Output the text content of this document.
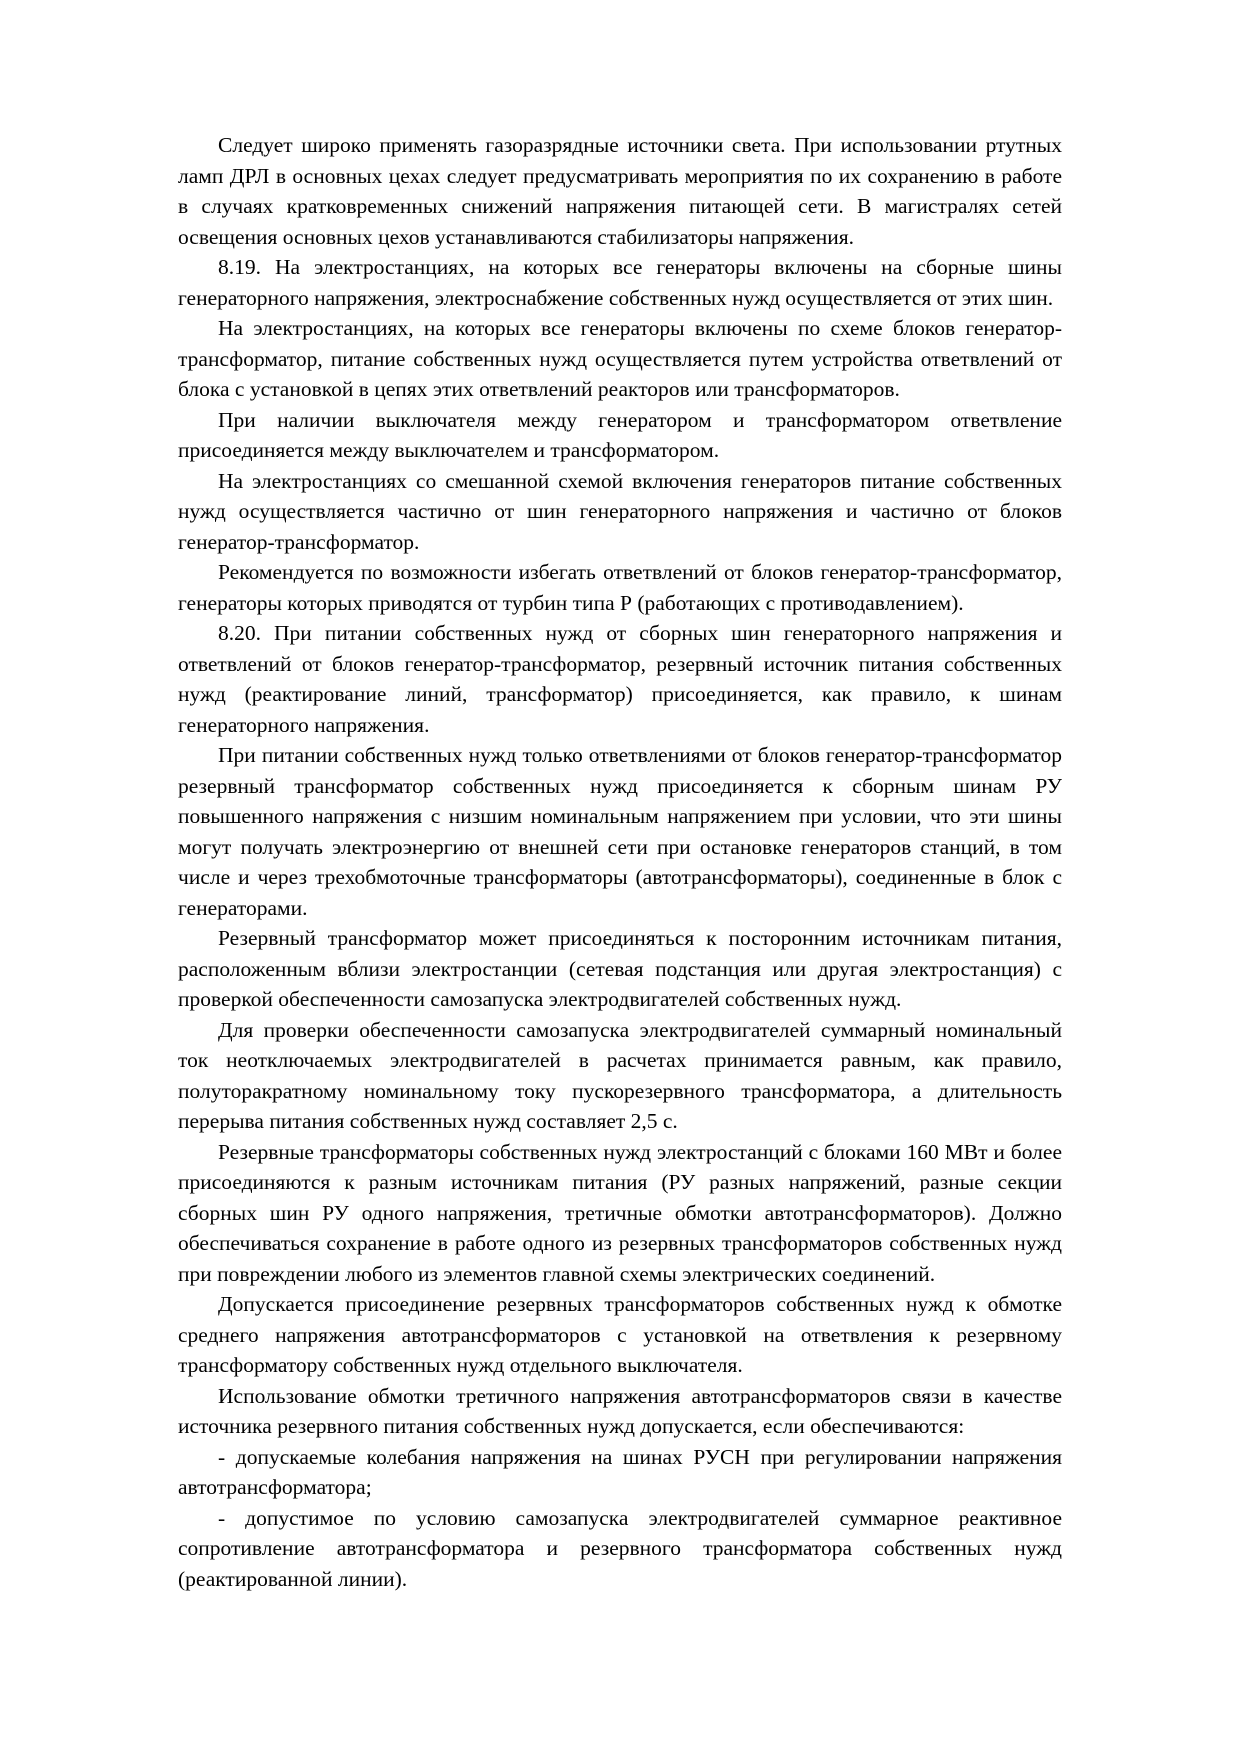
Следует широко применять газоразрядные источники света. При использовании ртутных ламп ДРЛ в основных цехах следует предусматривать мероприятия по их сохранению в работе в случаях кратковременных снижений напряжения питающей сети. В магистралях сетей освещения основных цехов устанавливаются стабилизаторы напряжения.

8.19. На электростанциях, на которых все генераторы включены на сборные шины генераторного напряжения, электроснабжение собственных нужд осуществляется от этих шин.

На электростанциях, на которых все генераторы включены по схеме блоков генератор-трансформатор, питание собственных нужд осуществляется путем устройства ответвлений от блока с установкой в цепях этих ответвлений реакторов или трансформаторов.

При наличии выключателя между генератором и трансформатором ответвление присоединяется между выключателем и трансформатором.

На электростанциях со смешанной схемой включения генераторов питание собственных нужд осуществляется частично от шин генераторного напряжения и частично от блоков генератор-трансформатор.

Рекомендуется по возможности избегать ответвлений от блоков генератор-трансформатор, генераторы которых приводятся от турбин типа Р (работающих с противодавлением).

8.20. При питании собственных нужд от сборных шин генераторного напряжения и ответвлений от блоков генератор-трансформатор, резервный источник питания собственных нужд (реактирование линий, трансформатор) присоединяется, как правило, к шинам генераторного напряжения.

При питании собственных нужд только ответвлениями от блоков генератор-трансформатор резервный трансформатор собственных нужд присоединяется к сборным шинам РУ повышенного напряжения с низшим номинальным напряжением при условии, что эти шины могут получать электроэнергию от внешней сети при остановке генераторов станций, в том числе и через трехобмоточные трансформаторы (автотрансформаторы), соединенные в блок с генераторами.

Резервный трансформатор может присоединяться к посторонним источникам питания, расположенным вблизи электростанции (сетевая подстанция или другая электростанция) с проверкой обеспеченности самозапуска электродвигателей собственных нужд.

Для проверки обеспеченности самозапуска электродвигателей суммарный номинальный ток неотключаемых электродвигателей в расчетах принимается равным, как правило, полуторакратному номинальному току пускорезервного трансформатора, а длительность перерыва питания собственных нужд составляет 2,5 с.

Резервные трансформаторы собственных нужд электростанций с блоками 160 МВт и более присоединяются к разным источникам питания (РУ разных напряжений, разные секции сборных шин РУ одного напряжения, третичные обмотки автотрансформаторов). Должно обеспечиваться сохранение в работе одного из резервных трансформаторов собственных нужд при повреждении любого из элементов главной схемы электрических соединений.

Допускается присоединение резервных трансформаторов собственных нужд к обмотке среднего напряжения автотрансформаторов с установкой на ответвления к резервному трансформатору собственных нужд отдельного выключателя.

Использование обмотки третичного напряжения автотрансформаторов связи в качестве источника резервного питания собственных нужд допускается, если обеспечиваются:

- допускаемые колебания напряжения на шинах РУСН при регулировании напряжения автотрансформатора;

- допустимое по условию самозапуска электродвигателей суммарное реактивное сопротивление автотрансформатора и резервного трансформатора собственных нужд (реактированной линии).
